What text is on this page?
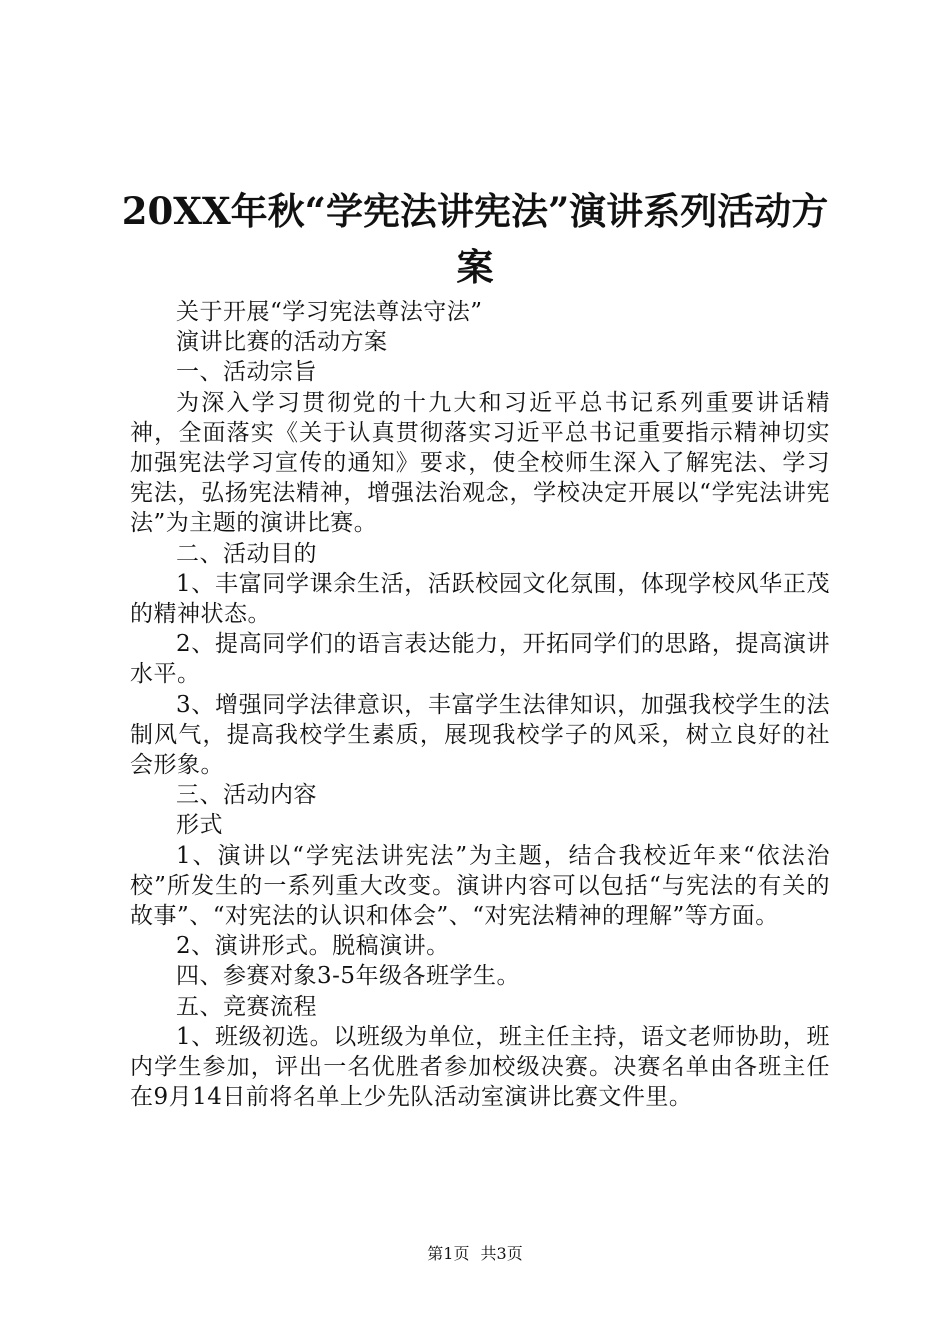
20XX年秋“学宪法讲宪法”演讲系列活动方
案

关于开展“学习宪法尊法守法”

演讲比赛的活动方案

一、活动宗旨

为深入学习贯彻党的十九大和习近平总书记系列重要讲话精神，全面落实《关于认真贯彻落实习近平总书记重要指示精神切实加强宪法学习宣传的通知》要求，使全校师生深入了解宪法、学习宪法，弘扬宪法精神，增强法治观念，学校决定开展以“学宪法讲宪法”为主题的演讲比赛。

二、活动目的

1、丰富同学课余生活，活跃校园文化氛围，体现学校风华正茂的精神状态。

2、提高同学们的语言表达能力，开拓同学们的思路，提高演讲水平。

3、增强同学法律意识，丰富学生法律知识，加强我校学生的法制风气，提高我校学生素质，展现我校学子的风采，树立良好的社会形象。

三、活动内容

形式

1、演讲以“学宪法讲宪法”为主题，结合我校近年来“依法治校”所发生的一系列重大改变。演讲内容可以包括“与宪法的有关的故事”、“对宪法的认识和体会”、“对宪法精神的理解”等方面。

2、演讲形式。脱稿演讲。

四、参赛对象3-5年级各班学生。

五、竞赛流程

1、班级初选。以班级为单位，班主任主持，语文老师协助，班内学生参加，评出一名优胜者参加校级决赛。决赛名单由各班主任在9月14日前将名单上少先队活动室演讲比赛文件里。

第1页 共3页
